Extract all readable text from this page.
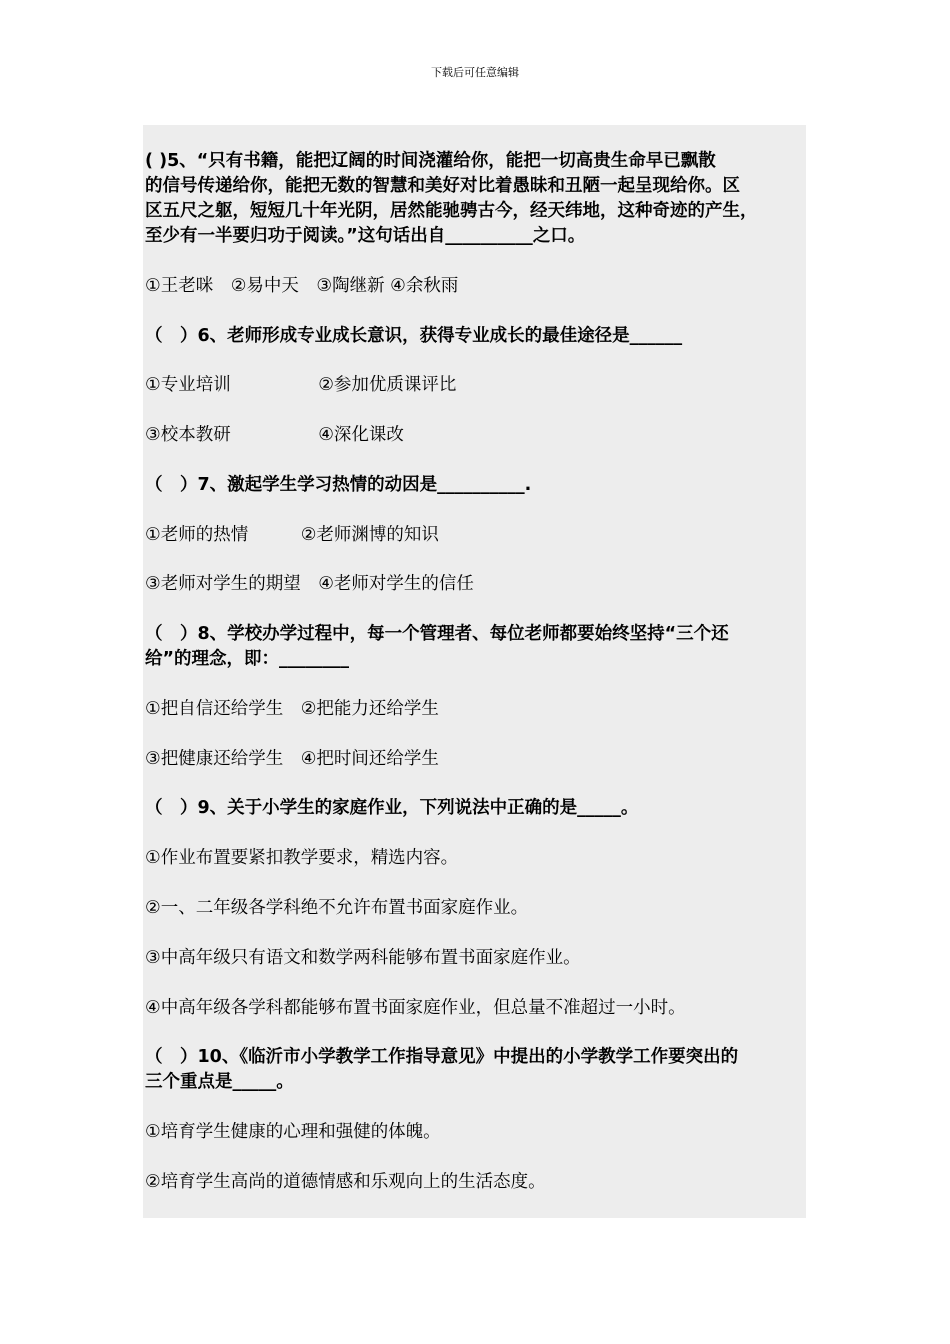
下载后可任意编辑
( )5、“只有书籍，能把辽阔的时间浇灌给你，能把一切高贵生命早已飘散
的信号传递给你，能把无数的智慧和美好对比着愚昧和丑陋一起呈现给你。区
区五尺之躯，短短几十年光阴，居然能驰骋古今，经天纬地，这种奇迹的产生，
至少有一半要归功于阅读。”这句话出自__________之口。
①王老咪　②易中天　③陶继新 ④余秋雨
（　）6、老师形成专业成长意识，获得专业成长的最佳途径是______
①专业培训　　　　　②参加优质课评比
③校本教研　　　　　④深化课改
（　）7、激起学生学习热情的动因是__________.
①老师的热情　　　②老师渊博的知识
③老师对学生的期望　④老师对学生的信任
（　）8、学校办学过程中，每一个管理者、每位老师都要始终坚持“三个还
给”的理念，即：________
①把自信还给学生　②把能力还给学生
③把健康还给学生　④把时间还给学生
（　）9、关于小学生的家庭作业，下列说法中正确的是_____。
①作业布置要紧扣教学要求，精选内容。
②一、二年级各学科绝不允许布置书面家庭作业。
③中高年级只有语文和数学两科能够布置书面家庭作业。
④中高年级各学科都能够布置书面家庭作业，但总量不准超过一小时。
（　）10、《临沂市小学教学工作指导意见》中提出的小学教学工作要突出的
三个重点是_____。
①培育学生健康的心理和强健的体魄。
②培育学生高尚的道德情感和乐观向上的生活态度。
